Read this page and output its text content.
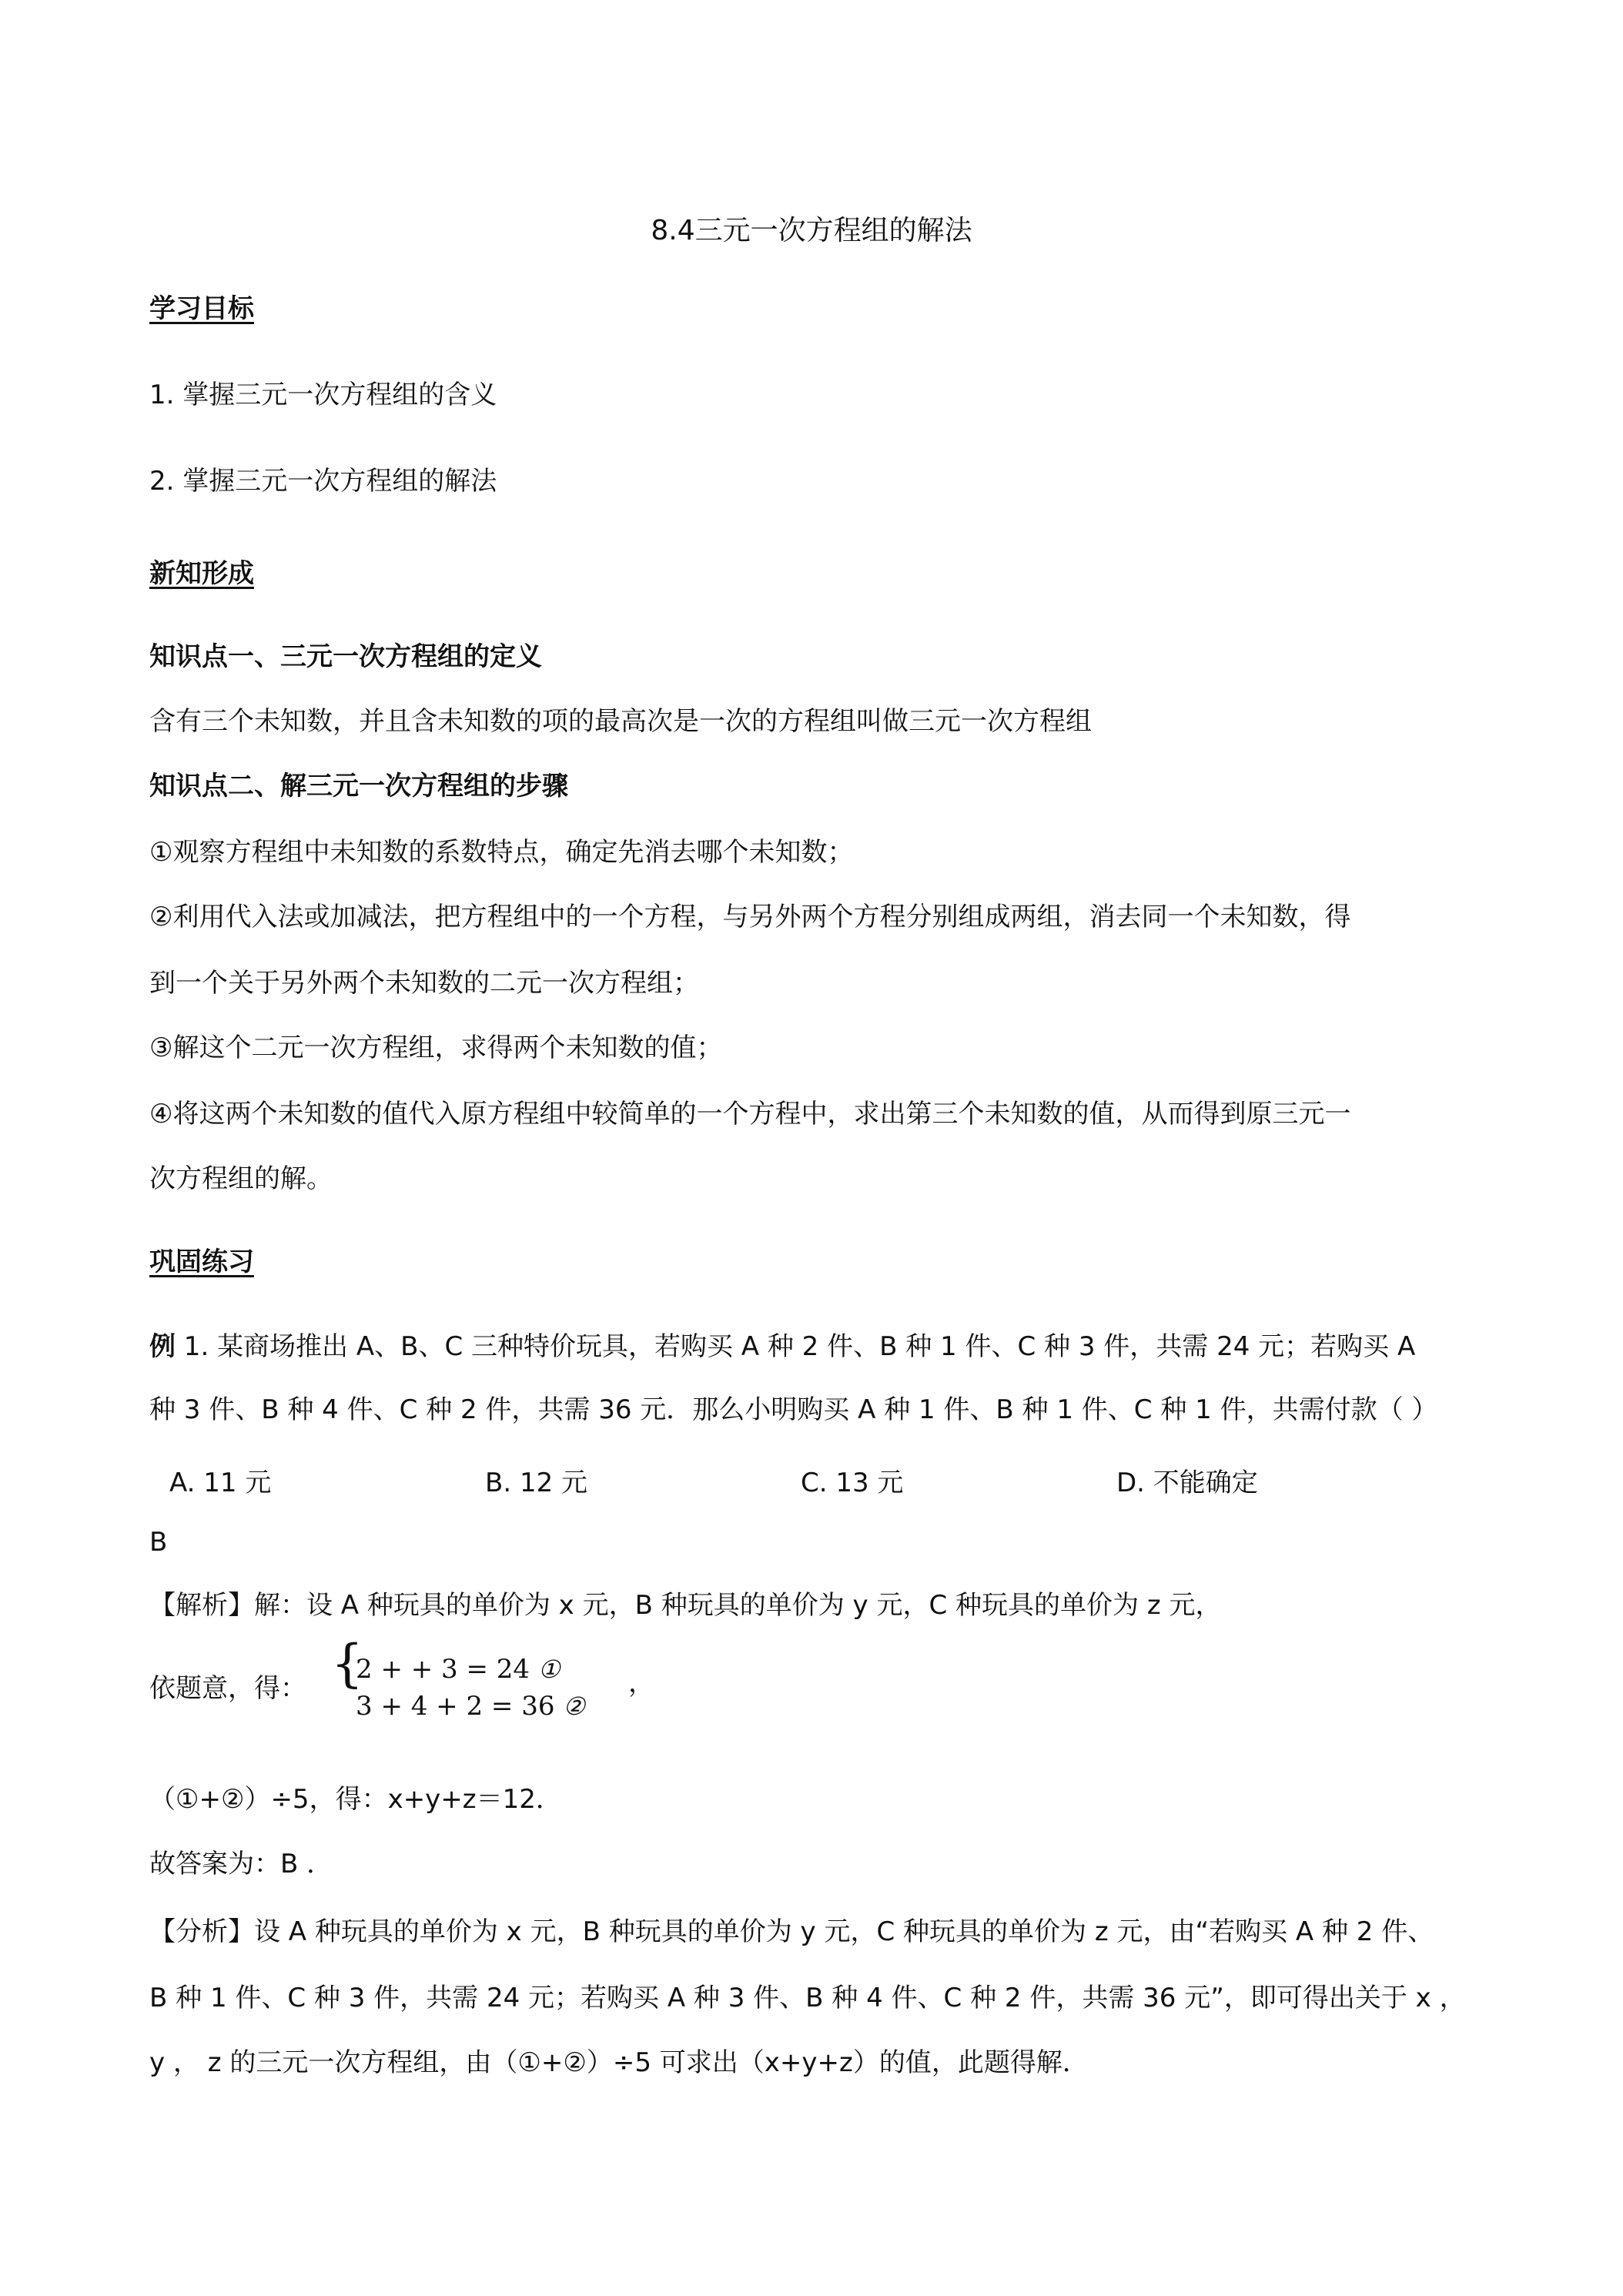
8.4三元一次方程组的解法
学习目标
1. 掌握三元一次方程组的含义
2. 掌握三元一次方程组的解法
新知形成
知识点一、三元一次方程组的定义
含有三个未知数，并且含未知数的项的最高次是一次的方程组叫做三元一次方程组
知识点二、解三元一次方程组的步骤
①观察方程组中未知数的系数特点，确定先消去哪个未知数；
②利用代入法或加减法，把方程组中的一个方程，与另外两个方程分别组成两组，消去同一个未知数，得
到一个关于另外两个未知数的二元一次方程组；
③解这个二元一次方程组，求得两个未知数的值；
④将这两个未知数的值代入原方程组中较简单的一个方程中，求出第三个未知数的值，从而得到原三元一
次方程组的解。
巩固练习
例 1. 某商场推出 A、B、C 三种特价玩具，若购买 A 种 2 件、B 种 1 件、C 种 3 件，共需 24 元；若购买 A
种 3 件、B 种 4 件、C 种 2 件，共需 36 元．那么小明购买 A 种 1 件、B 种 1 件、C 种 1 件，共需付款（ ）
A. 11 元	B. 12 元	C. 13 元	D. 不能确定
B
【解析】解：设 A 种玩具的单价为 x 元，B 种玩具的单价为 y 元，C 种玩具的单价为 z 元，
依题意，得： {
2 + + 3 = 24 ①
3 + 4 + 2 = 36 ②
，
（①+②）÷5，得：x+y+z＝12．
故答案为：B ．
【分析】设 A 种玩具的单价为 x 元，B 种玩具的单价为 y 元，C 种玩具的单价为 z 元，由“若购买 A 种 2 件、
B 种 1 件、C 种 3 件，共需 24 元；若购买 A 种 3 件、B 种 4 件、C 种 2 件，共需 36 元”，即可得出关于 x ，
y ， z 的三元一次方程组，由（①+②）÷5 可求出（x+y+z）的值，此题得解．
